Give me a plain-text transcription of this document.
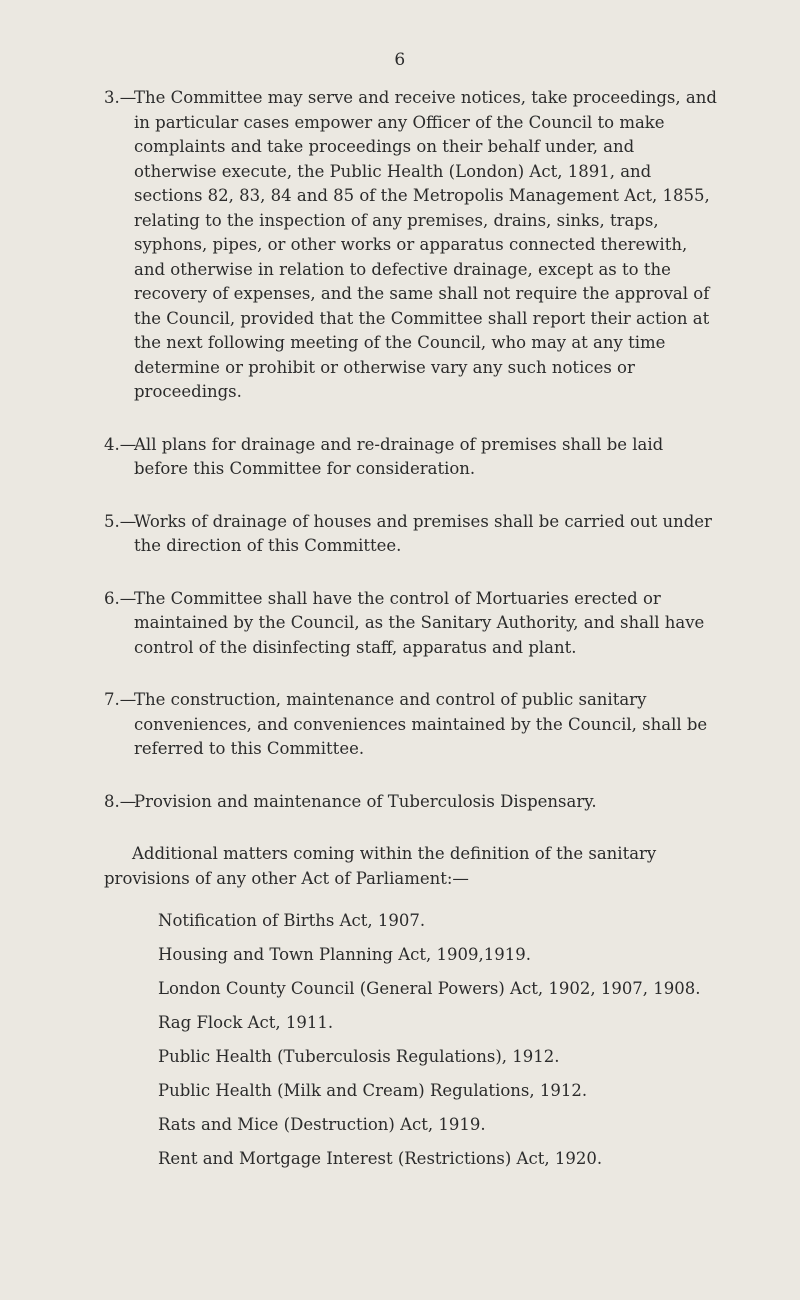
6
3.—
The Committee may serve and receive notices, take proceedings, and in particular cases empower any Officer of the Council to make complaints and take proceedings on their behalf under, and otherwise execute, the Public Health (London) Act, 1891, and sections 82, 83, 84 and 85 of the Metropolis Management Act, 1855, relating to the inspection of any premises, drains, sinks, traps, syphons, pipes, or other works or apparatus connected therewith, and otherwise in relation to defective drainage, except as to the recovery of expenses, and the same shall not require the approval of the Council, provided that the Committee shall report their action at the next following meeting of the Council, who may at any time determine or prohibit or otherwise vary any such notices or proceedings.
4.—
All plans for drainage and re-drainage of premises shall be laid before this Committee for consideration.
5.—
Works of drainage of houses and premises shall be carried out under the direction of this Committee.
6.—
The Committee shall have the control of Mortuaries erected or maintained by the Council, as the Sanitary Authority, and shall have control of the disinfecting staff, apparatus and plant.
7.—
The construction, maintenance and control of public sanitary conveniences, and conveniences maintained by the Council, shall be referred to this Committee.
8.—
Provision and maintenance of Tuberculosis Dispensary.

Additional matters coming within the definition of the sanitary provisions of any other Act of Parliament:—

Notification of Births Act, 1907.
Housing and Town Planning Act, 1909,1919.
London County Council (General Powers) Act, 1902, 1907, 1908.
Rag Flock Act, 1911.
Public Health (Tuberculosis Regulations), 1912.
Public Health (Milk and Cream) Regulations, 1912.
Rats and Mice (Destruction) Act, 1919.
Rent and Mortgage Interest (Restrictions) Act, 1920.
